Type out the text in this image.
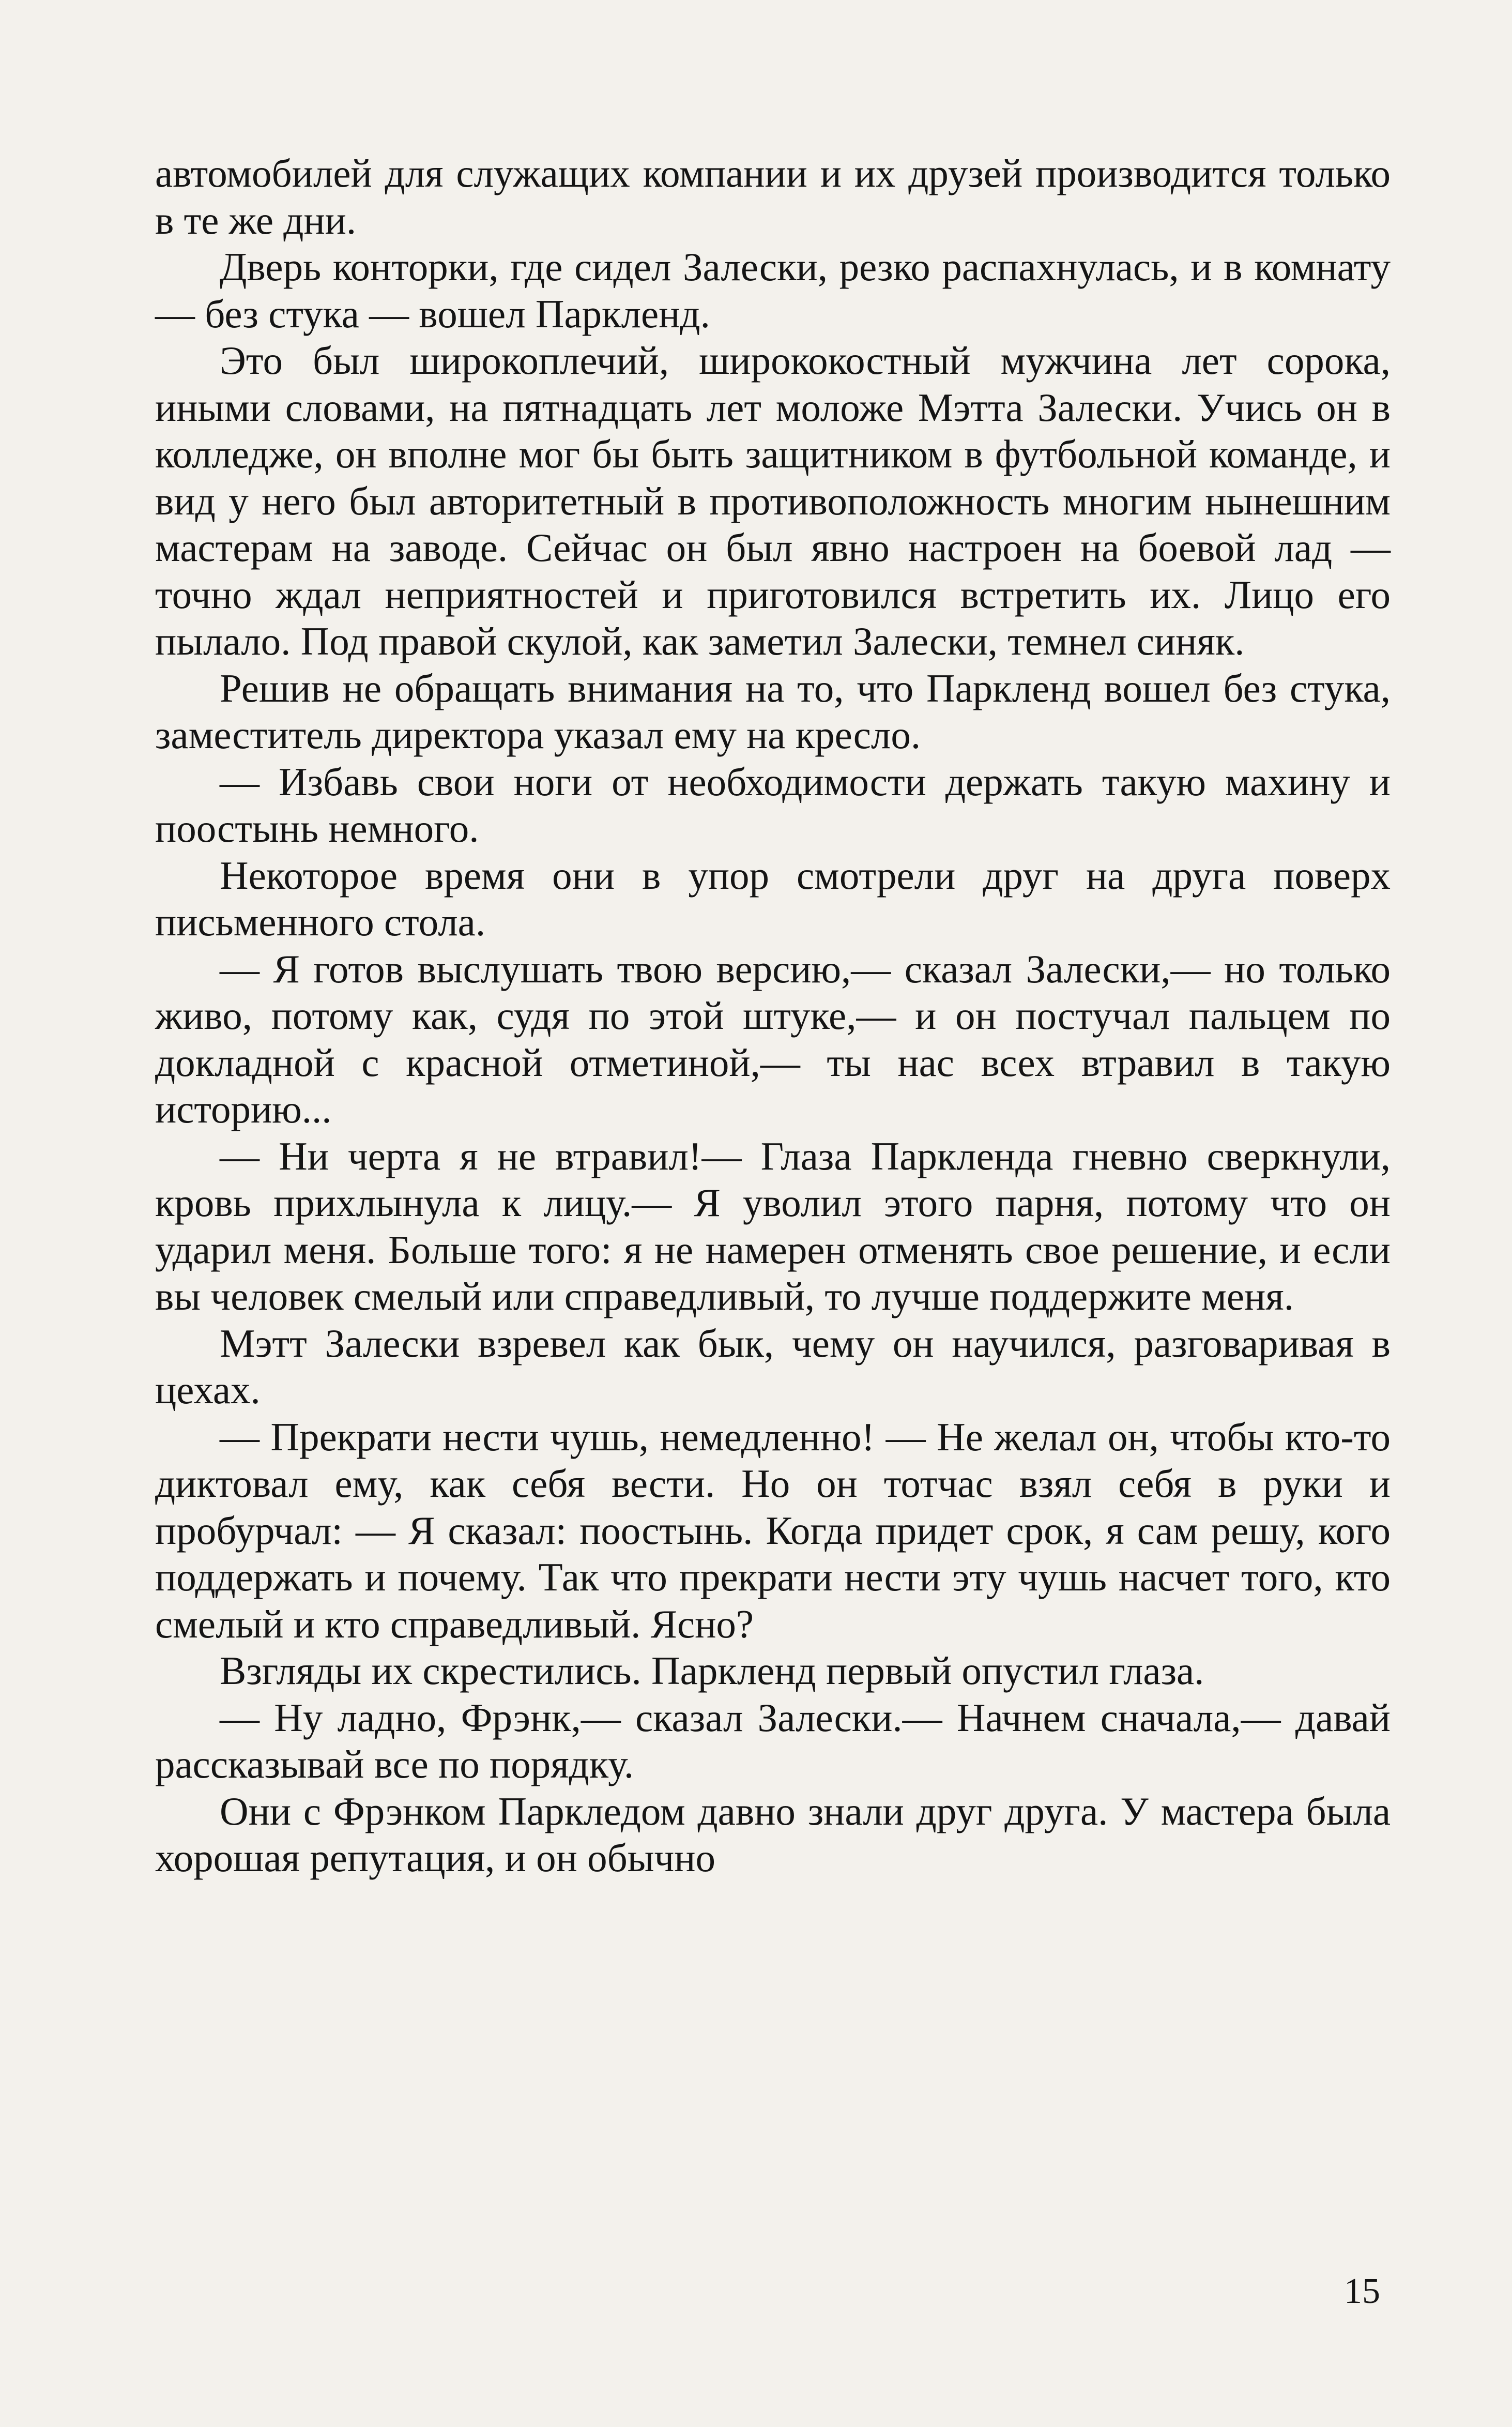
автомобилей для служащих компании и их друзей производится только в те же дни.

Дверь конторки, где сидел Залески, резко распахнулась, и в комнату — без стука — вошел Паркленд.

Это был широкоплечий, ширококостный мужчина лет сорока, иными словами, на пятнадцать лет моложе Мэтта Залески. Учись он в колледже, он вполне мог бы быть защитником в футбольной команде, и вид у него был авторитетный в противоположность многим нынешним мастерам на заводе. Сейчас он был явно настроен на боевой лад — точно ждал неприятностей и приготовился встретить их. Лицо его пылало. Под правой скулой, как заметил Залески, темнел синяк.

Решив не обращать внимания на то, что Паркленд вошел без стука, заместитель директора указал ему на кресло.

— Избавь свои ноги от необходимости держать такую махину и поостынь немного.

Некоторое время они в упор смотрели друг на друга поверх письменного стола.

— Я готов выслушать твою версию,— сказал Залески,— но только живо, потому как, судя по этой штуке,— и он постучал пальцем по докладной с красной отметиной,— ты нас всех втравил в такую историю...

— Ни черта я не втравил!— Глаза Паркленда гневно сверкнули, кровь прихлынула к лицу.— Я уволил этого парня, потому что он ударил меня. Больше того: я не намерен отменять свое решение, и если вы человек смелый или справедливый, то лучше поддержите меня.

Мэтт Залески взревел как бык, чему он научился, разговаривая в цехах.

— Прекрати нести чушь, немедленно! — Не желал он, чтобы кто-то диктовал ему, как себя вести. Но он тотчас взял себя в руки и пробурчал: — Я сказал: поостынь. Когда придет срок, я сам решу, кого поддержать и почему. Так что прекрати нести эту чушь насчет того, кто смелый и кто справедливый. Ясно?

Взгляды их скрестились. Паркленд первый опустил глаза.

— Ну ладно, Фрэнк,— сказал Залески.— Начнем сначала,— давай рассказывай все по порядку.

Они с Фрэнком Паркледом давно знали друг друга. У мастера была хорошая репутация, и он обычно

15
